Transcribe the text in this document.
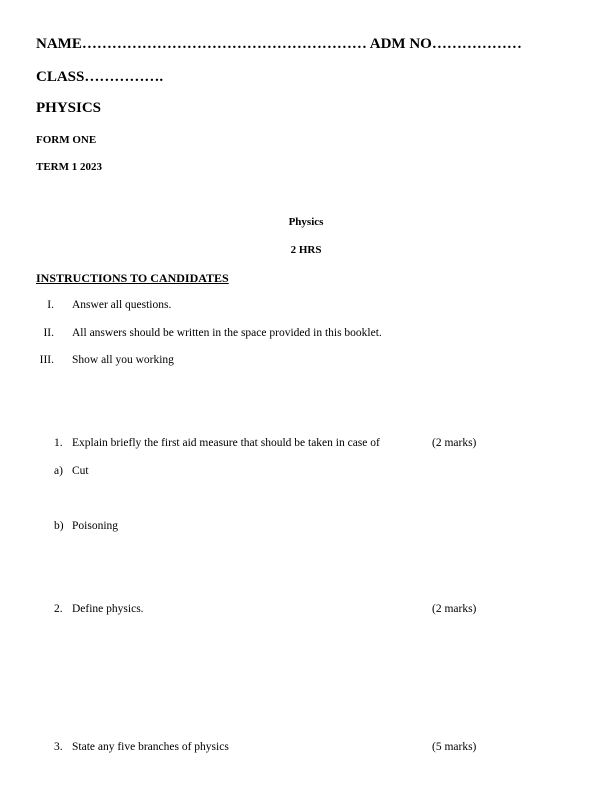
NAME………………………………………………… ADM NO………………
CLASS…………….
PHYSICS
FORM ONE
TERM 1 2023
Physics
2 HRS
INSTRUCTIONS TO CANDIDATES
I. Answer all questions.
II. All answers should be written in the space provided in this booklet.
III. Show all you working
1. Explain briefly the first aid measure that should be taken in case of	(2 marks)
a) Cut
b) Poisoning
2. Define physics.	(2 marks)
3. State any five branches of physics	(5 marks)
